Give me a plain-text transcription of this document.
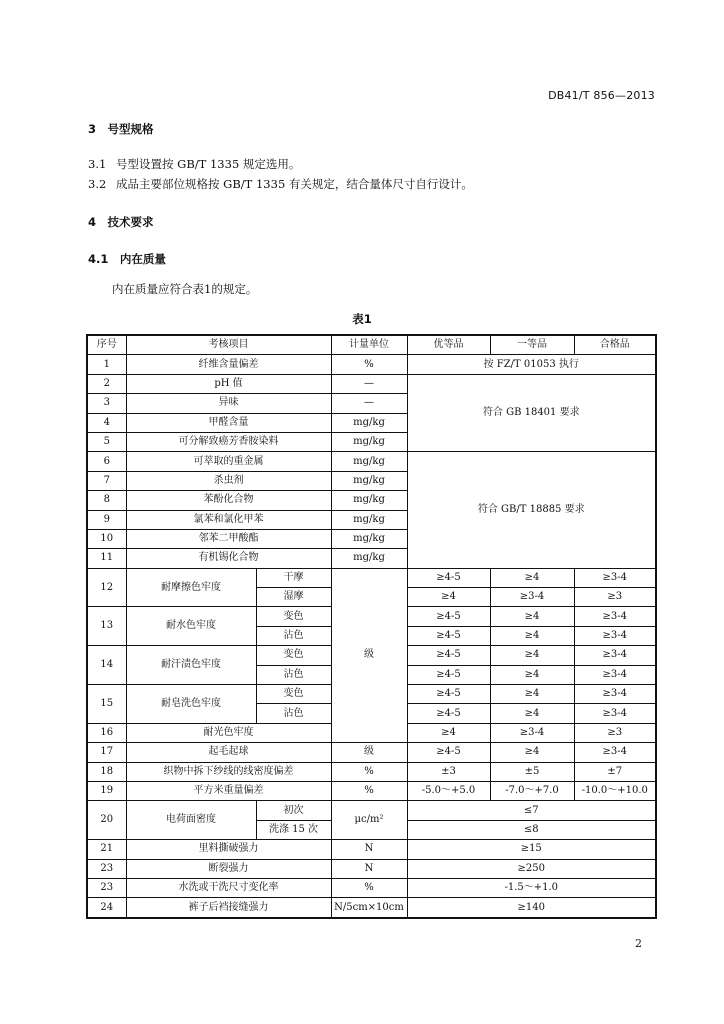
DB41/T 856—2013
3　号型规格
3.1 号型设置按 GB/T 1335 规定选用。
3.2 成品主要部位规格按 GB/T 1335 有关规定，结合量体尺寸自行设计。
4　技术要求
4.1　内在质量
内在质量应符合表1的规定。
表1
序号	考核项目		计量单位	优等品	一等品	合格品
1	纤维含量偏差		%	按 FZ/T 01053 执行		
2	pH 值		—	符合 GB 18401 要求		
3	异味		—			
4	甲醛含量		mg/kg			
5	可分解致癌芳香胺染料		mg/kg			
6	可萃取的重金属		mg/kg	符合 GB/T 18885 要求		
7	杀虫剂		mg/kg			
8	苯酚化合物		mg/kg			
9	氯苯和氯化甲苯		mg/kg			
10	邻苯二甲酸酯		mg/kg			
11	有机锡化合物		mg/kg			
12	耐摩擦色牢度	干摩	级	≥4-5	≥4	≥3-4
		湿摩		≥4	≥3-4	≥3
13	耐水色牢度	变色		≥4-5	≥4	≥3-4
		沾色		≥4-5	≥4	≥3-4
14	耐汗渍色牢度	变色		≥4-5	≥4	≥3-4
		沾色		≥4-5	≥4	≥3-4
15	耐皂洗色牢度	变色		≥4-5	≥4	≥3-4
		沾色		≥4-5	≥4	≥3-4
16	耐光色牢度			≥4	≥3-4	≥3
17	起毛起球		级	≥4-5	≥4	≥3-4
18	织物中拆下纱线的线密度偏差		%	±3	±5	±7
19	平方米重量偏差		%	-5.0～+5.0	-7.0～+7.0	-10.0～+10.0
20	电荷面密度	初次	μc/m²	≤7		
		洗涤 15 次		≤8		
21	里料撕破强力		N	≥15		
23	断裂强力		N	≥250		
23	水洗或干洗尺寸变化率		%	-1.5～+1.0		
24	裤子后裆接缝强力		N/5cm×10cm	≥140		
2
